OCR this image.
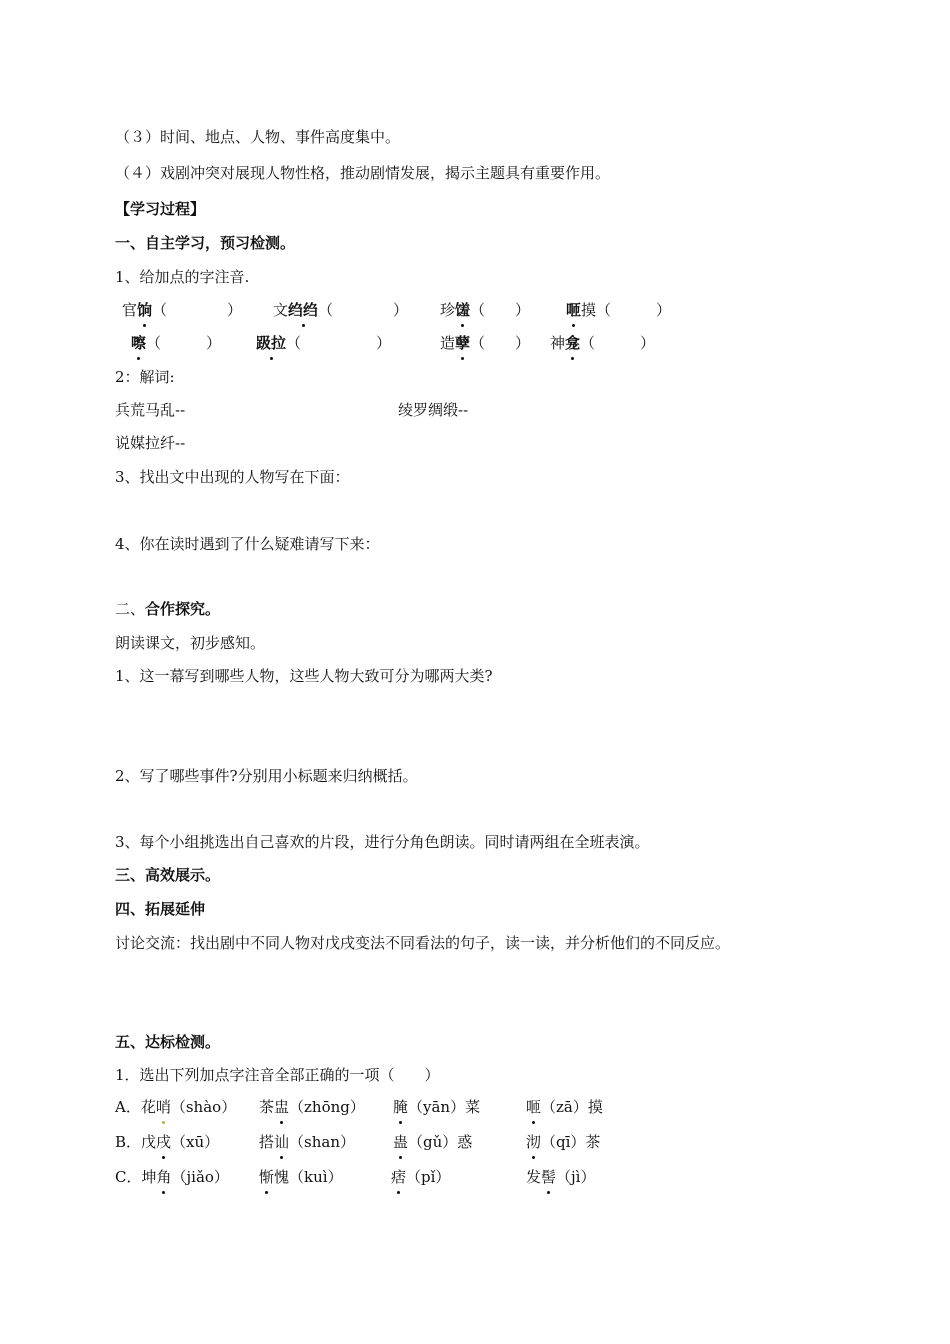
（３）时间、地点、人物、事件高度集中。
（４）戏剧冲突对展现人物性格，推动剧情发展，揭示主题具有重要作用。
【学习过程】
一、自主学习，预习检测。
1、给加点的字注音.
官饷（　　　　） 文绉绉（　　　　） 珍馐（　　） 咂摸（　　　）
嚓（　　　） 趿拉（　　　　　）	造孽（　　） 神龛（　　　）
2：解词:
兵荒马乱--	绫罗绸缎--
说媒拉纤--
3、找出文中出现的人物写在下面：
4、你在读时遇到了什么疑难请写下来：
二、合作探究。
朗读课文，初步感知。
1、这一幕写到哪些人物，这些人物大致可分为哪两大类?
2、写了哪些事件?分别用小标题来归纳概括。
3、每个小组挑选出自己喜欢的片段，进行分角色朗读。同时请两组在全班表演。
三、高效展示。
四、拓展延伸
讨论交流：找出剧中不同人物对戊戌变法不同看法的句子，读一读，并分析他们的不同反应。
五、达标检测。
1．选出下列加点字注音全部正确的一项（　　）
A．花哨（shào） 茶盅（zhōng） 腌（yān）菜	咂（zā）摸
B．戊戌（xū）	搭讪（shan）	蛊（gǔ）惑	沏（qī）茶
C．坤角（jiǎo） 惭愧（kuì）	痞（pǐ）	发髻（jì）
